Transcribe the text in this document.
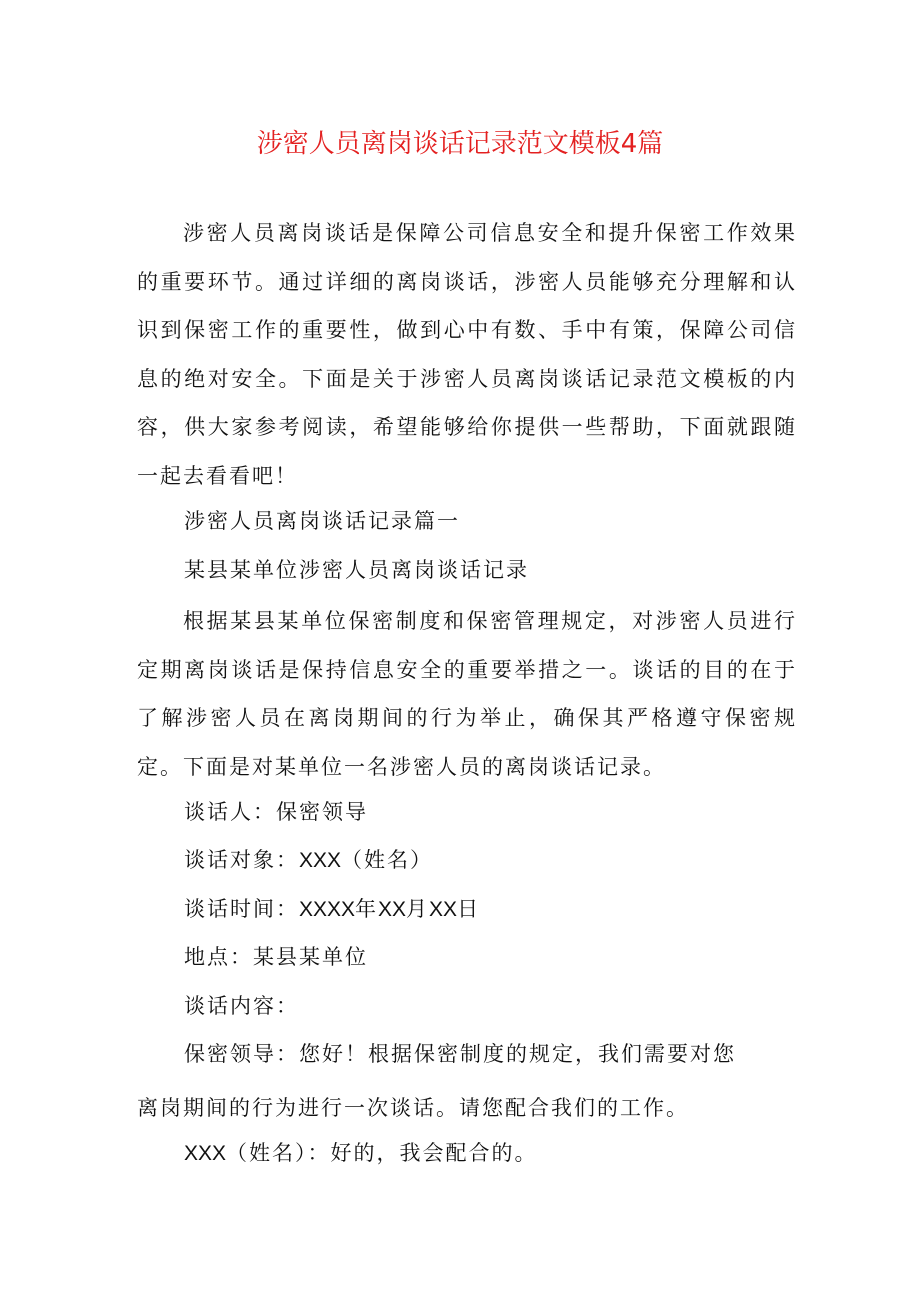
涉密人员离岗谈话记录范文模板4篇

涉密人员离岗谈话是保障公司信息安全和提升保密工作效果的重要环节。通过详细的离岗谈话，涉密人员能够充分理解和认识到保密工作的重要性，做到心中有数、手中有策，保障公司信息的绝对安全。下面是关于涉密人员离岗谈话记录范文模板的内容，供大家参考阅读，希望能够给你提供一些帮助，下面就跟随一起去看看吧！

涉密人员离岗谈话记录篇一
某县某单位涉密人员离岗谈话记录

根据某县某单位保密制度和保密管理规定，对涉密人员进行定期离岗谈话是保持信息安全的重要举措之一。谈话的目的在于了解涉密人员在离岗期间的行为举止，确保其严格遵守保密规定。下面是对某单位一名涉密人员的离岗谈话记录。

谈话人：保密领导
谈话对象：XXX（姓名）
谈话时间：XXXX年XX月XX日
地点：某县某单位
谈话内容：
保密领导：您好！根据保密制度的规定，我们需要对您
离岗期间的行为进行一次谈话。请您配合我们的工作。
XXX（姓名）：好的，我会配合的。
